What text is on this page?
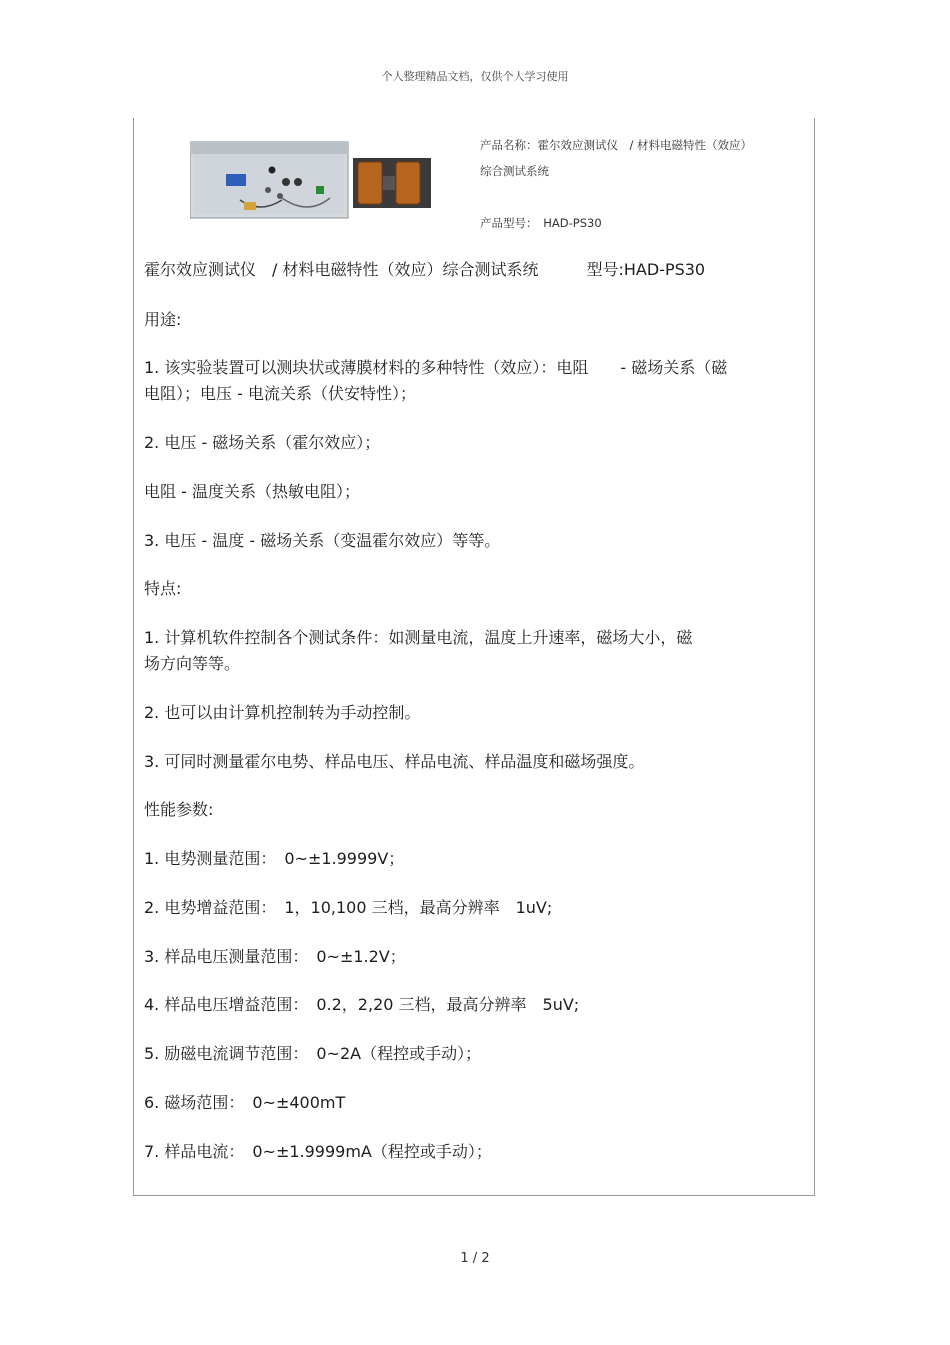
个人整理精品文档，仅供个人学习使用
产品名称：霍尔效应测试仪　/ 材料电磁特性（效应）
综合测试系统
产品型号：　HAD-PS30
霍尔效应测试仪　/ 材料电磁特性（效应）综合测试系统　　　型号:HAD-PS30
用途:
1. 该实验装置可以测块状或薄膜材料的多种特性（效应）：电阻　　- 磁场关系（磁
电阻）；电压 - 电流关系（伏安特性）；
2. 电压 - 磁场关系（霍尔效应）；
电阻 - 温度关系（热敏电阻）；
3. 电压 - 温度 - 磁场关系（变温霍尔效应）等等。
特点:
1. 计算机软件控制各个测试条件：如测量电流，温度上升速率，磁场大小，磁
场方向等等。
2. 也可以由计算机控制转为手动控制。
3. 可同时测量霍尔电势、样品电压、样品电流、样品温度和磁场强度。
性能参数:
1. 电势测量范围：　0~±1.9999V；
2. 电势增益范围：　1，10,100 三档，最高分辨率　1uV;
3. 样品电压测量范围：　0~±1.2V；
4. 样品电压增益范围：　0.2，2,20 三档，最高分辨率　5uV;
5. 励磁电流调节范围：　0~2A（程控或手动）；
6. 磁场范围：　0~±400mT
7. 样品电流：　0~±1.9999mA（程控或手动）；
1 / 2
